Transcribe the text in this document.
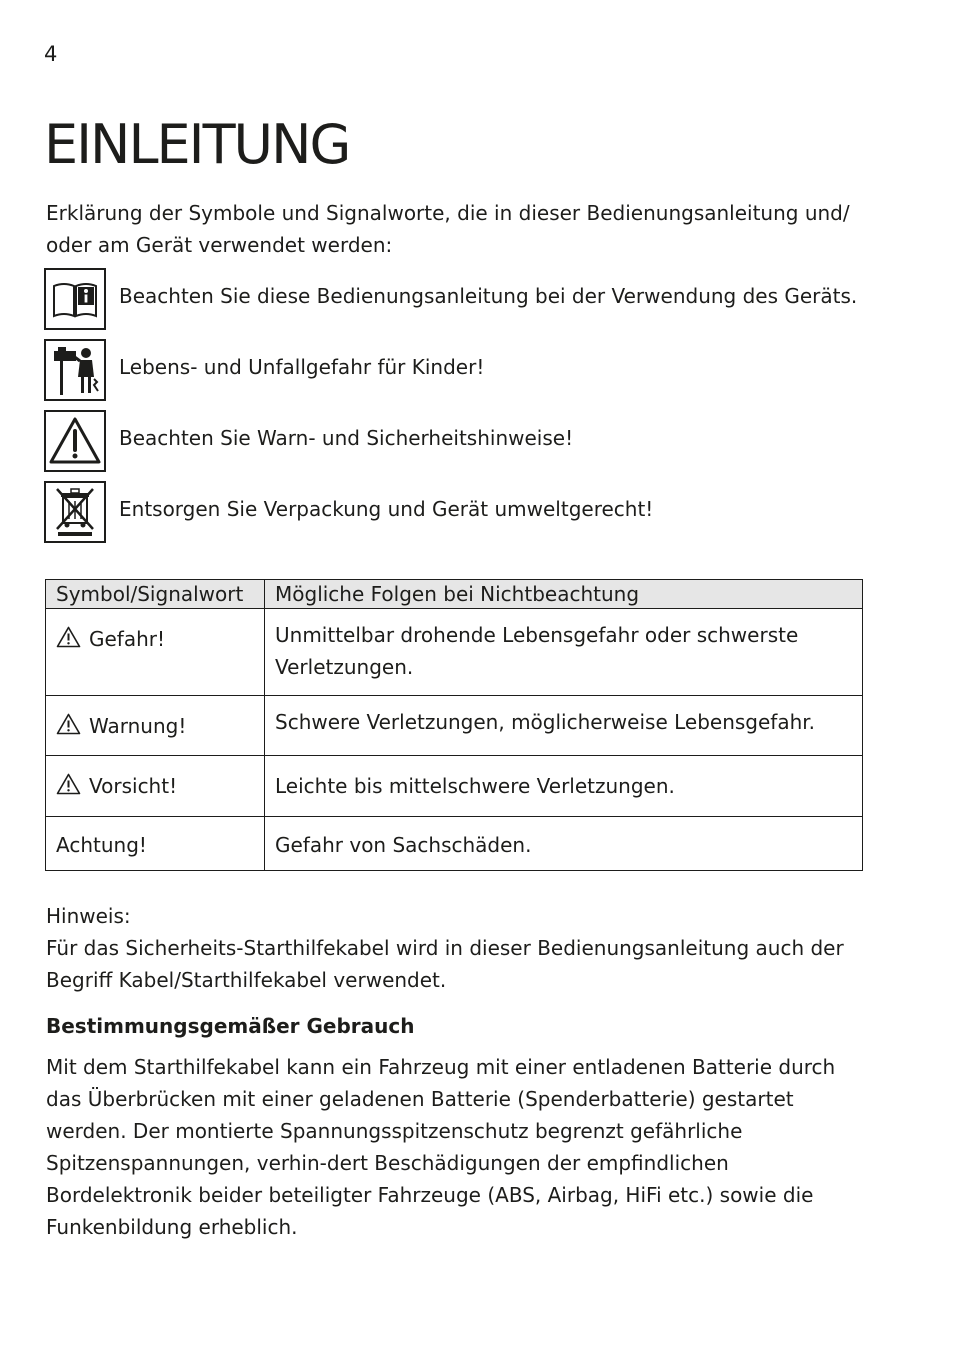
4
EINLEITUNG

Erklärung der Symbole und Signalworte, die in dieser Bedienungsanleitung und/ oder am Gerät verwendet werden:

Beachten Sie diese Bedienungsanleitung bei der Verwendung des Geräts.
Lebens- und Unfallgefahr für Kinder!
Beachten Sie Warn- und Sicherheitshinweise!
Entsorgen Sie Verpackung und Gerät umweltgerecht!
Symbol/Signalwort	Mögliche Folgen bei Nichtbeachtung
Gefahr!	Unmittelbar drohende Lebensgefahr oder schwerste Verletzungen.
Warnung!	Schwere Verletzungen, möglicherweise Lebensgefahr.
Vorsicht!	Leichte bis mittelschwere Verletzungen.
Achtung!	Gefahr von Sachschäden.
Hinweis:
Für das Sicherheits-Starthilfekabel wird in dieser Bedienungsanleitung auch der Begriff Kabel/Starthilfekabel verwendet.
Bestimmungsgemäßer Gebrauch

Mit dem Starthilfekabel kann ein Fahrzeug mit einer entladenen Batterie durch das Überbrücken mit einer geladenen Batterie (Spenderbatterie) gestartet werden. Der montierte Spannungsspitzenschutz begrenzt gefährliche Spitzenspannungen, verhin-dert Beschädigungen der empfindlichen Bordelektronik beider beteiligter Fahrzeuge (ABS, Airbag, HiFi etc.) sowie die Funkenbildung erheblich.
